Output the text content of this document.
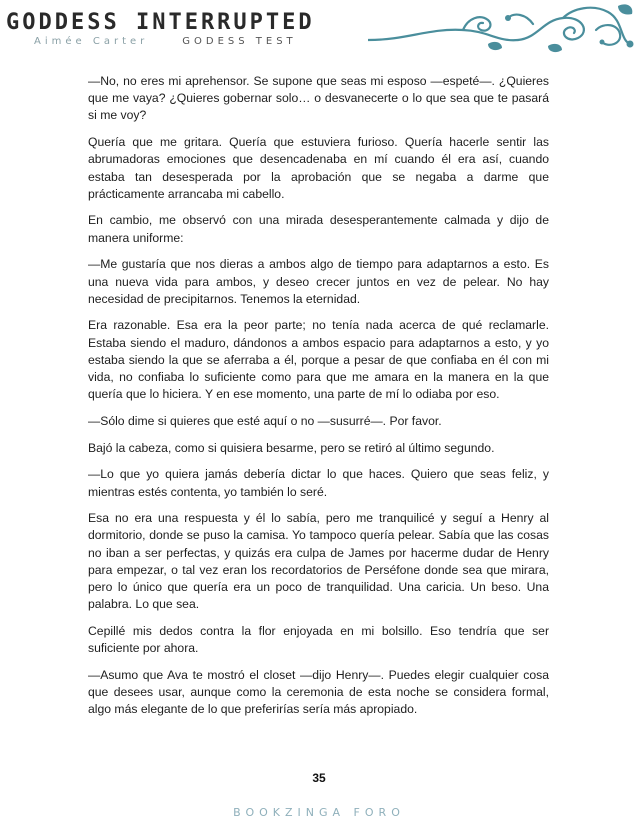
GODDESS INTERRUPTED
Aimée Carter	GODESS TEST

—No, no eres mi aprehensor. Se supone que seas mi esposo —espeté—. ¿Quieres que me vaya? ¿Quieres gobernar solo… o desvanecerte o lo que sea que te pasará si me voy?

Quería que me gritara. Quería que estuviera furioso. Quería hacerle sentir las abrumadoras emociones que desencadenaba en mí cuando él era así, cuando estaba tan desesperada por la aprobación que se negaba a darme que prácticamente arrancaba mi cabello.

En cambio, me observó con una mirada desesperantemente calmada y dijo de manera uniforme:

—Me gustaría que nos dieras a ambos algo de tiempo para adaptarnos a esto. Es una nueva vida para ambos, y deseo crecer juntos en vez de pelear. No hay necesidad de precipitarnos. Tenemos la eternidad.

Era razonable. Esa era la peor parte; no tenía nada acerca de qué reclamarle. Estaba siendo el maduro, dándonos a ambos espacio para adaptarnos a esto, y yo estaba siendo la que se aferraba a él, porque a pesar de que confiaba en él con mi vida, no confiaba lo suficiente como para que me amara en la manera en la que quería que lo hiciera. Y en ese momento, una parte de mí lo odiaba por eso.

—Sólo dime si quieres que esté aquí o no —susurré—. Por favor.

Bajó la cabeza, como si quisiera besarme, pero se retiró al último segundo.

—Lo que yo quiera jamás debería dictar lo que haces. Quiero que seas feliz, y mientras estés contenta, yo también lo seré.

Esa no era una respuesta y él lo sabía, pero me tranquilicé y seguí a Henry al dormitorio, donde se puso la camisa. Yo tampoco quería pelear. Sabía que las cosas no iban a ser perfectas, y quizás era culpa de James por hacerme dudar de Henry para empezar, o tal vez eran los recordatorios de Perséfone donde sea que mirara, pero lo único que quería era un poco de tranquilidad. Una caricia. Un beso. Una palabra. Lo que sea.

Cepillé mis dedos contra la flor enjoyada en mi bolsillo. Eso tendría que ser suficiente por ahora.

—Asumo que Ava te mostró el closet —dijo Henry—. Puedes elegir cualquier cosa que desees usar, aunque como la ceremonia de esta noche se considera formal, algo más elegante de lo que preferirías sería más apropiado.

35
BOOKZINGA FORO
